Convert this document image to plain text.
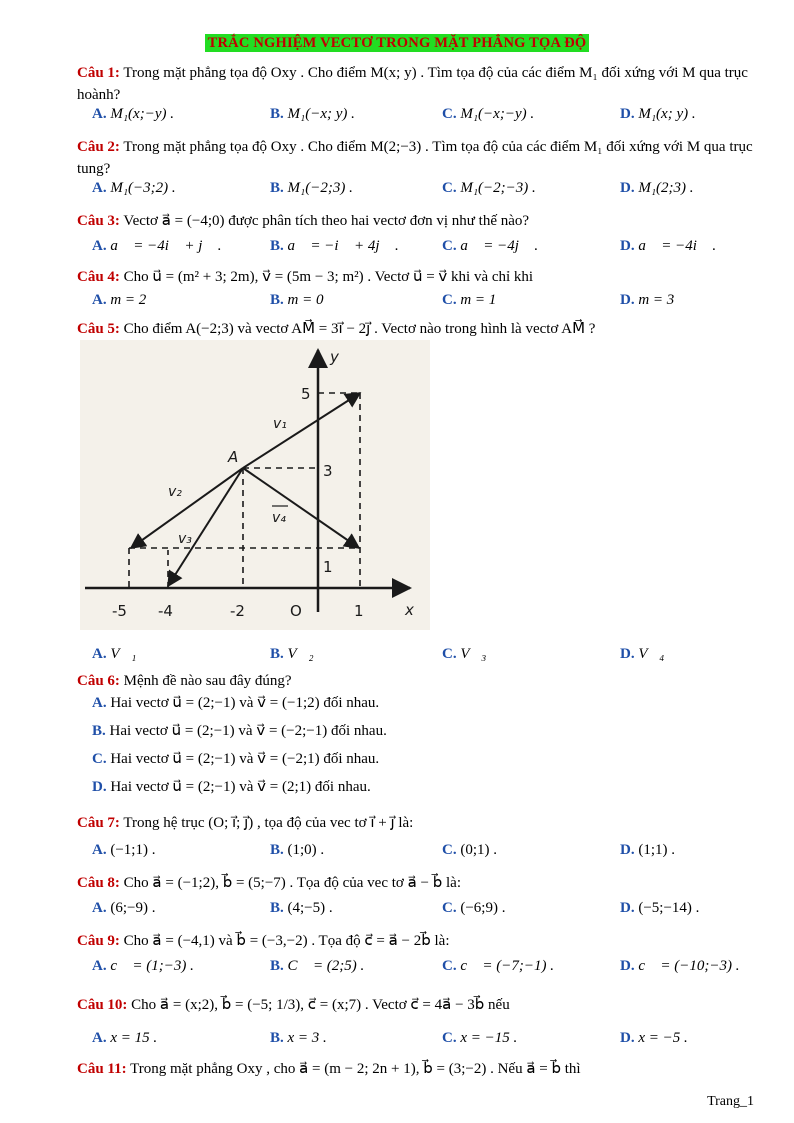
TRẮC NGHIỆM VECTƠ TRONG MẶT PHẲNG TỌA ĐỘ
Câu 1: Trong mặt phẳng tọa độ Oxy . Cho điểm M(x; y) . Tìm tọa độ của các điểm M₁ đối xứng với M qua trục hoành?
A. M₁(x;−y) .	B. M₁(−x; y) .	C. M₁(−x;−y) .	D. M₁(x; y) .
Câu 2: Trong mặt phẳng tọa độ Oxy . Cho điểm M(2;−3) . Tìm tọa độ của các điểm M₁ đối xứng với M qua trục tung?
A. M₁(−3;2) .	B. M₁(−2;3) .	C. M₁(−2;−3) .	D. M₁(2;3) .
Câu 3: Vectơ a⃗ = (−4;0) được phân tích theo hai vectơ đơn vị như thế nào?
A. a⃗ = −4i⃗ + j⃗ .	B. a⃗ = −i⃗ + 4j⃗ .	C. a⃗ = −4j⃗ .	D. a⃗ = −4i⃗ .
Câu 4: Cho u⃗ = (m² + 3; 2m), v⃗ = (5m − 3; m²) . Vectơ u⃗ = v⃗ khi và chỉ khi
A. m = 2	B. m = 0	C. m = 1	D. m = 3
Câu 5: Cho điểm A(−2;3) và vectơ AM⃗ = 3i⃗ − 2j⃗ . Vectơ nào trong hình là vectơ AM⃗ ?
A
y
x
O
-5 -4	-2	1
5
3
1
v₁
v₂
v₃
v₄
A. V⃗₁	B. V⃗₂	C. V⃗₃	D. V⃗₄
Câu 6: Mệnh đề nào sau đây đúng?
A. Hai vectơ u⃗ = (2;−1) và v⃗ = (−1;2) đối nhau.
B. Hai vectơ u⃗ = (2;−1) và v⃗ = (−2;−1) đối nhau.
C. Hai vectơ u⃗ = (2;−1) và v⃗ = (−2;1) đối nhau.
D. Hai vectơ u⃗ = (2;−1) và v⃗ = (2;1) đối nhau.
Câu 7: Trong hệ trục (O; i⃗; j⃗) , tọa độ của vec tơ i⃗ + j⃗ là:
A. (−1;1) .	B. (1;0) .	C. (0;1) .	D. (1;1) .
Câu 8: Cho a⃗ = (−1;2), b⃗ = (5;−7) . Tọa độ của vec tơ a⃗ − b⃗ là:
A. (6;−9) .	B. (4;−5) .	C. (−6;9) .	D. (−5;−14) .
Câu 9: Cho a⃗ = (−4,1) và b⃗ = (−3,−2) . Tọa độ c⃗ = a⃗ − 2b⃗ là:
A. c⃗ = (1;−3) .	B. C⃗ = (2;5) .	C. c⃗ = (−7;−1) .	D. c⃗ = (−10;−3) .
Câu 10: Cho a⃗ = (x;2), b⃗ = (−5; 1/3), c⃗ = (x;7) . Vectơ c⃗ = 4a⃗ − 3b⃗ nếu
A. x = 15 .	B. x = 3 .	C. x = −15 .	D. x = −5 .
Câu 11: Trong mặt phẳng Oxy , cho a⃗ = (m − 2; 2n + 1), b⃗ = (3;−2) . Nếu a⃗ = b⃗ thì
Trang_1
